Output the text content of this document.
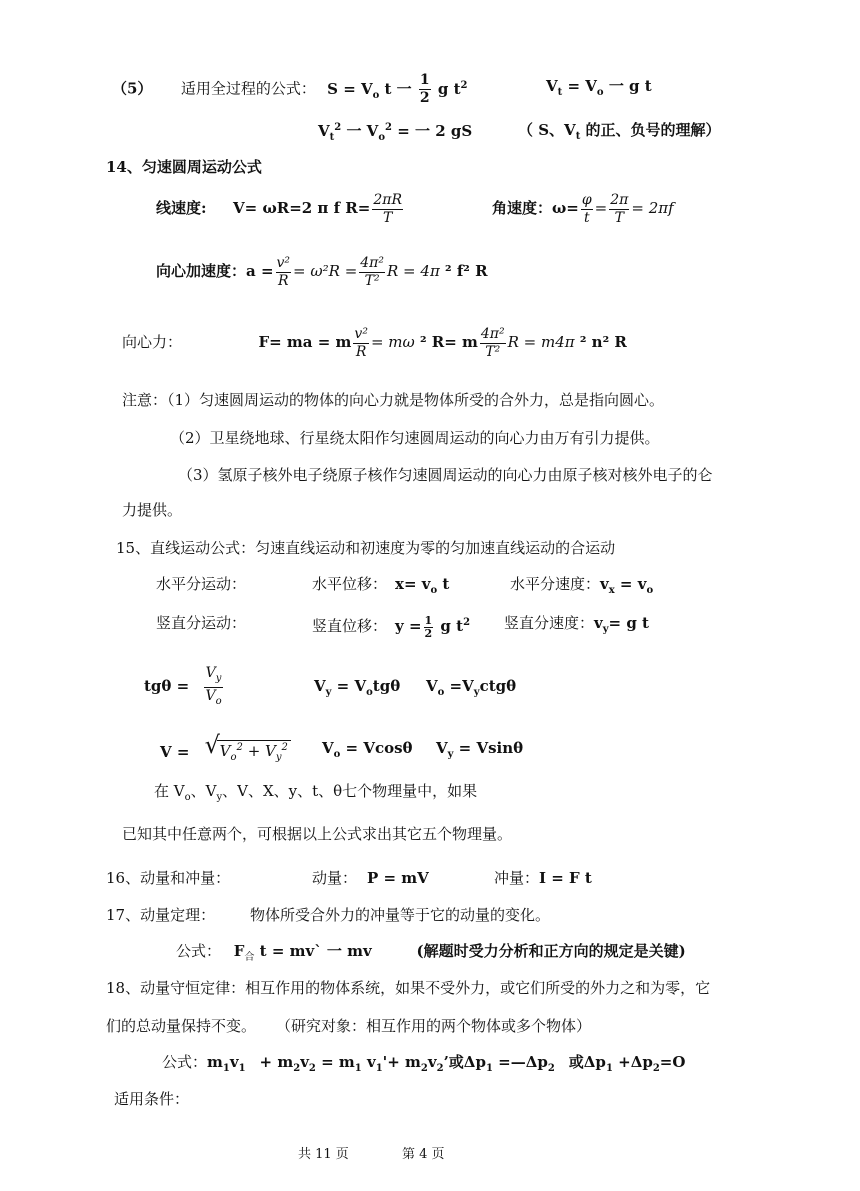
（5） 适用全过程的公式： $S = V_o$ t 一 $\frac{1}{2}$ g $t^2$	$V_t = V_o$ 一 g t
$V_t^2$ 一 $V_o^2$ = 一 2 gS	（ S、$V_t$ 的正、负号的理解）
14、匀速圆周运动公式
线速度: V= ωR=2 π f $R= \frac{2\pi R}{T}$	角速度：$\omega= \frac{\varphi}{t} = \frac{2\pi}{T} = 2\pi f$
向心加速度：$a = \frac{\text{v²}}{R} = \omega^2R = \frac{\text{4π²}}{\text{T²}}$ R = 4π ² f² R
向心力：	F= ma = m $\frac{\text{v²}}{R} = m\omega$ ² R= m $\frac{\text{4π²}}{\text{T²}}$ R = m4π ² n² R
注意：（1）匀速圆周运动的物体的向心力就是物体所受的合外力，总是指向圆心。
（2）卫星绕地球、行星绕太阳作匀速圆周运动的向心力由万有引力提供。
（3）氢原子核外电子绕原子核作匀速圆周运动的向心力由原子核对核外电子的仑
力提供。
15、直线运动公式：匀速直线运动和初速度为零的匀加速直线运动的合运动
水平分运动：	水平位移： $x= v_o$ t	水平分速度：$v_x = v_o$
竖直分运动：	竖直位移： $y = \frac{1}{2}$ g $t^2$ 竖直分速度：$v_y= g$ t
$tg\theta = \frac{V_y}{V_o}$	$V_y = V_otg\theta$ $V_o =V_yctg\theta$
V = √ $V_o^2 + V_y^2$ $V_o = Vcos\theta$ $V_y = Vsin\theta$
在 $V_o$、$V_y$、V、X、y、t、θ七个物理量中，如果
已知其中任意两个，可根据以上公式求出其它五个物理量。
16、动量和冲量：	动量： P = mV	冲量：I = F t
17、动量定理： 物体所受合外力的冲量等于它的动量的变化。
公式： $F_合$ t = mv` 一 mv	(解题时受力分析和正方向的规定是关键)
18、动量守恒定律：相互作用的物体系统，如果不受外力，或它们所受的外力之和为零，它
们的总动量保持不变。 （研究对象：相互作用的两个物体或多个物体）
公式：$m_1v_1 + m_2v_2 = m_1$ $v_1'+ m_2v_2$’或$\Delta p_1$ $=—\Delta p_2$ 或$\Delta p_1 +\Delta p_2=O$
适用条件：
共 11 页	第 4 页
